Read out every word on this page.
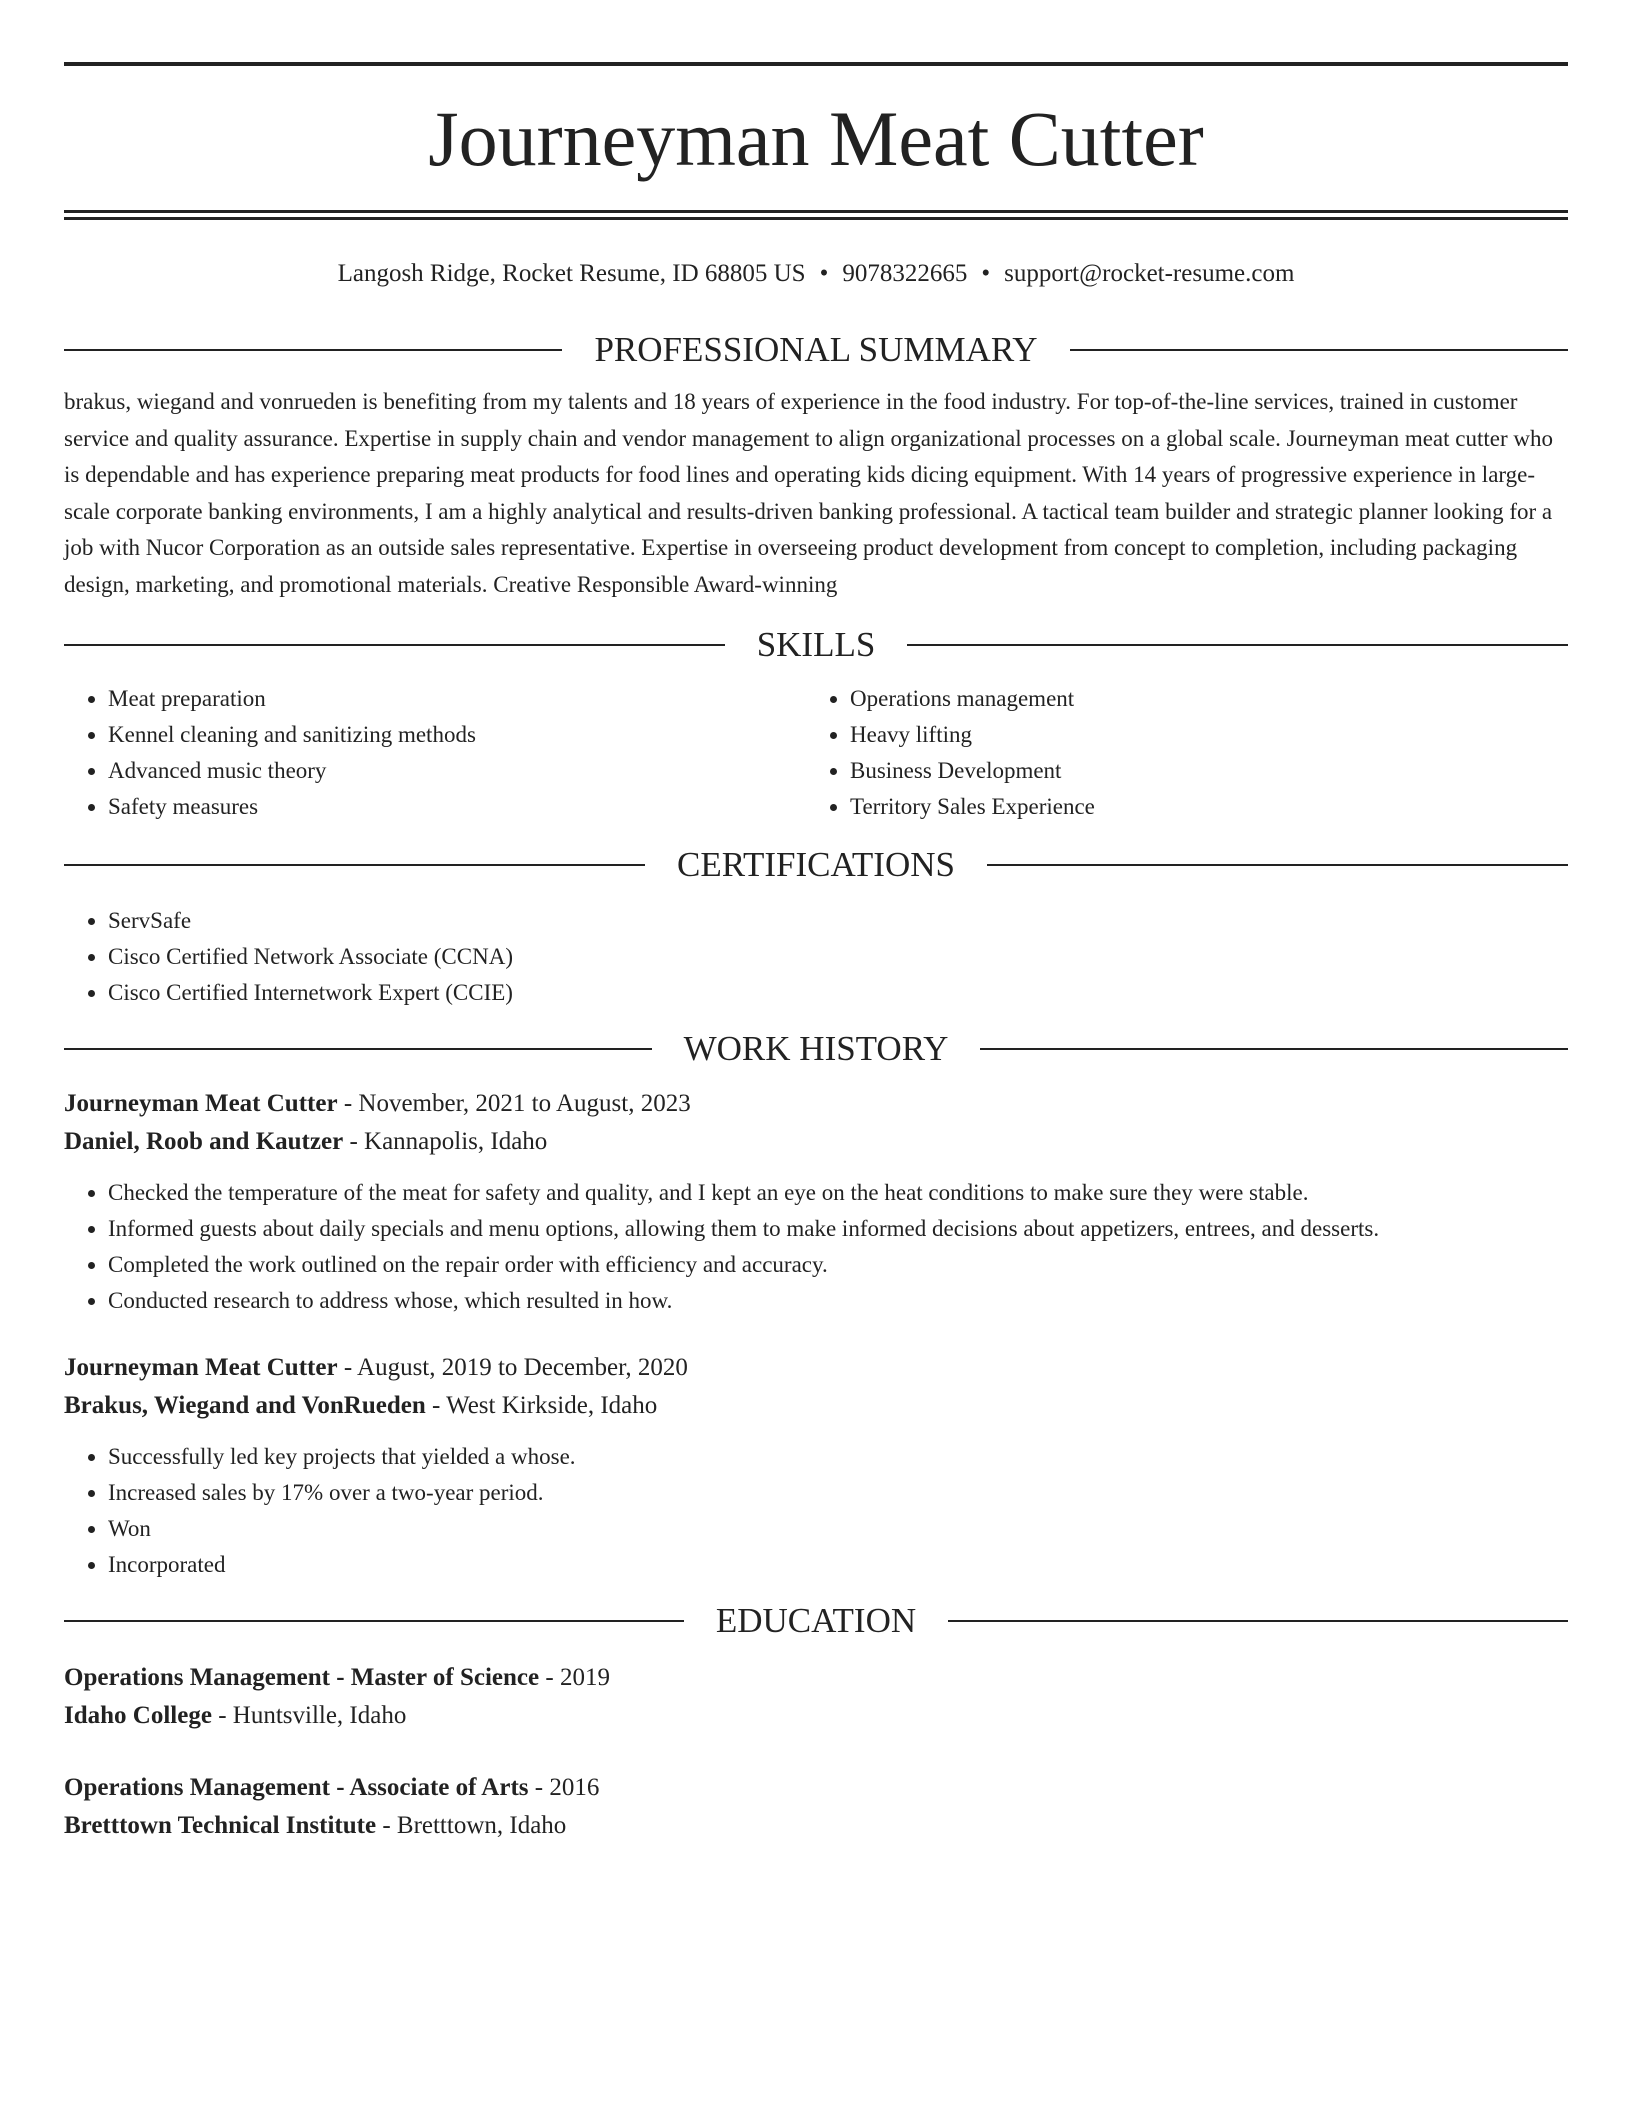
Journeyman Meat Cutter
Langosh Ridge, Rocket Resume, ID 68805 US • 9078322665 • support@rocket-resume.com
PROFESSIONAL SUMMARY

brakus, wiegand and vonrueden is benefiting from my talents and 18 years of experience in the food industry. For top-of-the-line services, trained in customer service and quality assurance. Expertise in supply chain and vendor management to align organizational processes on a global scale. Journeyman meat cutter who is dependable and has experience preparing meat products for food lines and operating kids dicing equipment. With 14 years of progressive experience in large-scale corporate banking environments, I am a highly analytical and results-driven banking professional. A tactical team builder and strategic planner looking for a job with Nucor Corporation as an outside sales representative. Expertise in overseeing product development from concept to completion, including packaging design, marketing, and promotional materials. Creative Responsible Award-winning

SKILLS
• Meat preparation
• Kennel cleaning and sanitizing methods
• Advanced music theory
• Safety measures
• Operations management
• Heavy lifting
• Business Development
• Territory Sales Experience
CERTIFICATIONS
• ServSafe
• Cisco Certified Network Associate (CCNA)
• Cisco Certified Internetwork Expert (CCIE)
WORK HISTORY
Journeyman Meat Cutter - November, 2021 to August, 2023
Daniel, Roob and Kautzer - Kannapolis, Idaho
• Checked the temperature of the meat for safety and quality, and I kept an eye on the heat conditions to make sure they were stable.
• Informed guests about daily specials and menu options, allowing them to make informed decisions about appetizers, entrees, and desserts.
• Completed the work outlined on the repair order with efficiency and accuracy.
• Conducted research to address whose, which resulted in how.
Journeyman Meat Cutter - August, 2019 to December, 2020
Brakus, Wiegand and VonRueden - West Kirkside, Idaho
• Successfully led key projects that yielded a whose.
• Increased sales by 17% over a two-year period.
• Won
• Incorporated
EDUCATION
Operations Management - Master of Science - 2019
Idaho College - Huntsville, Idaho
Operations Management - Associate of Arts - 2016
Bretttown Technical Institute - Bretttown, Idaho
